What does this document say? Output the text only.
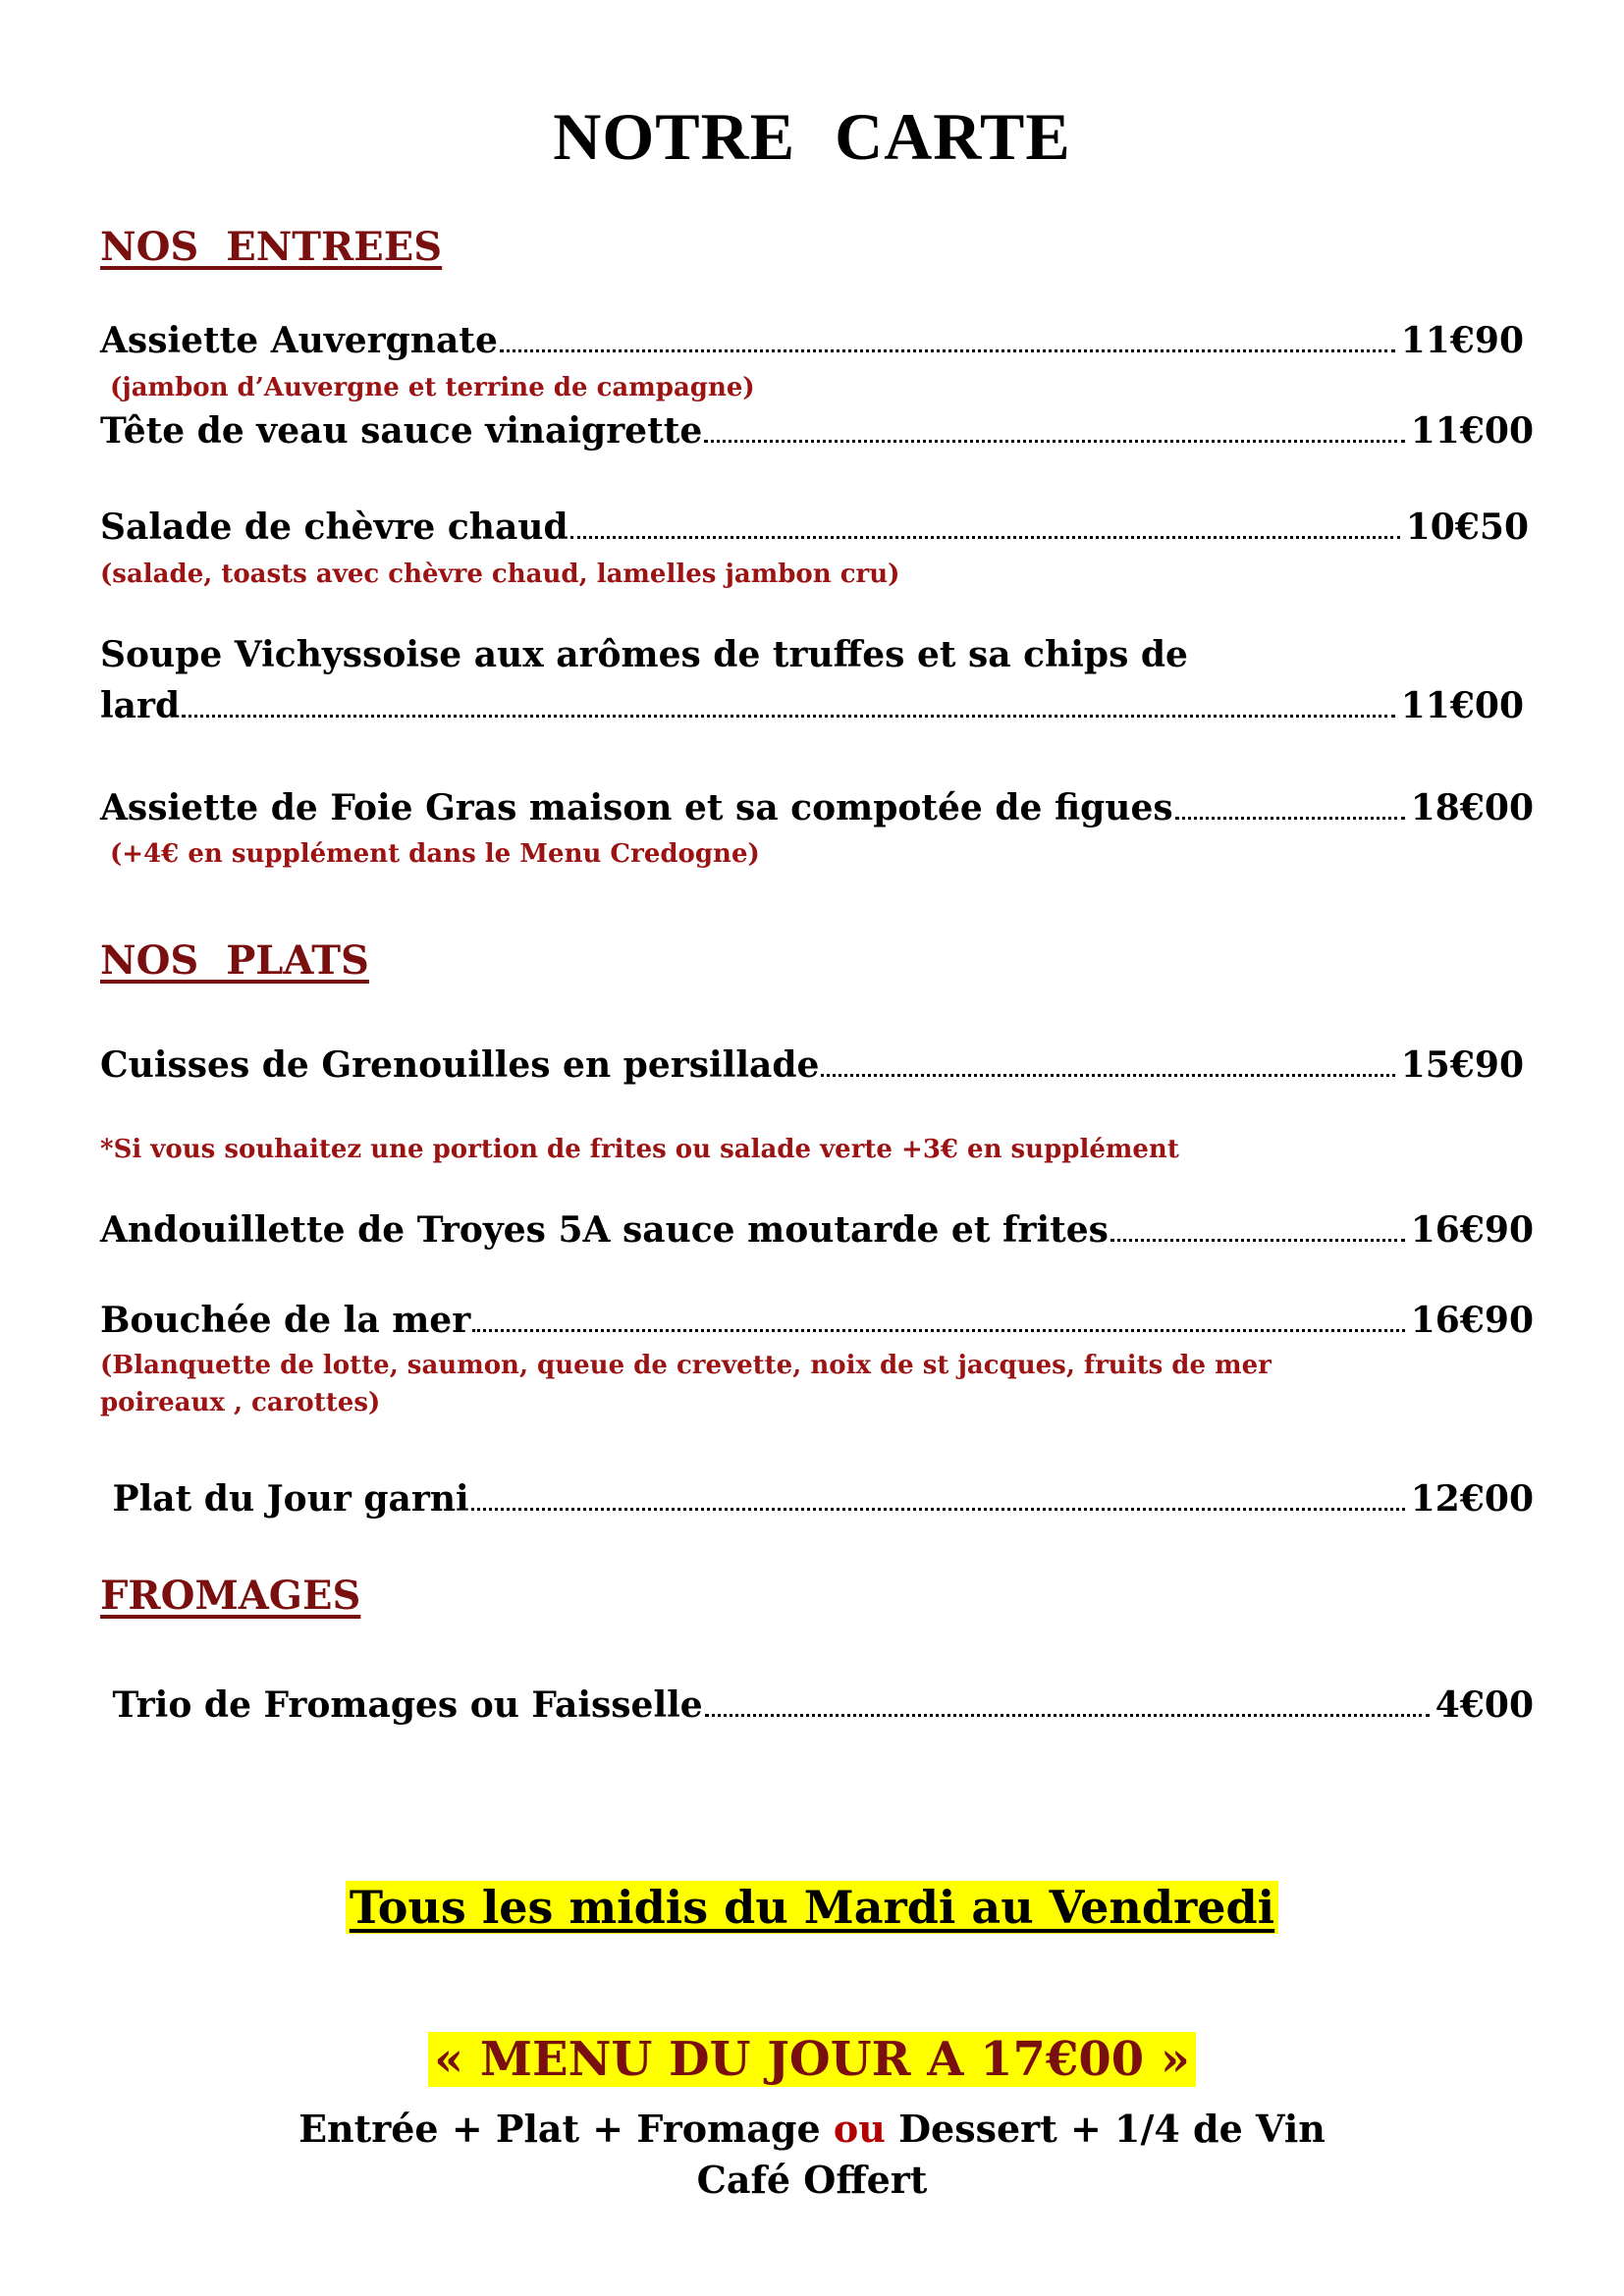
NOTRE CARTE
NOS ENTREES
Assiette Auvergnate	11€90
(jambon d’Auvergne et terrine de campagne)
Tête de veau sauce vinaigrette	11€00
Salade de chèvre chaud	10€50
(salade, toasts avec chèvre chaud, lamelles jambon cru)
Soupe Vichyssoise aux arômes de truffes et sa chips de
lard	11€00
Assiette de Foie Gras maison et sa compotée de figues	18€00
(+4€ en supplément dans le Menu Credogne)
NOS PLATS
Cuisses de Grenouilles en persillade	15€90
*Si vous souhaitez une portion de frites ou salade verte +3€ en supplément
Andouillette de Troyes 5A sauce moutarde et frites	16€90
Bouchée de la mer	16€90
(Blanquette de lotte, saumon, queue de crevette, noix de st jacques, fruits de mer
poireaux , carottes)
Plat du Jour garni	12€00
FROMAGES
Trio de Fromages ou Faisselle	4€00
Tous les midis du Mardi au Vendredi
« MENU DU JOUR A 17€00 »
Entrée + Plat + Fromage ou Dessert + 1/4 de Vin
Café Offert
